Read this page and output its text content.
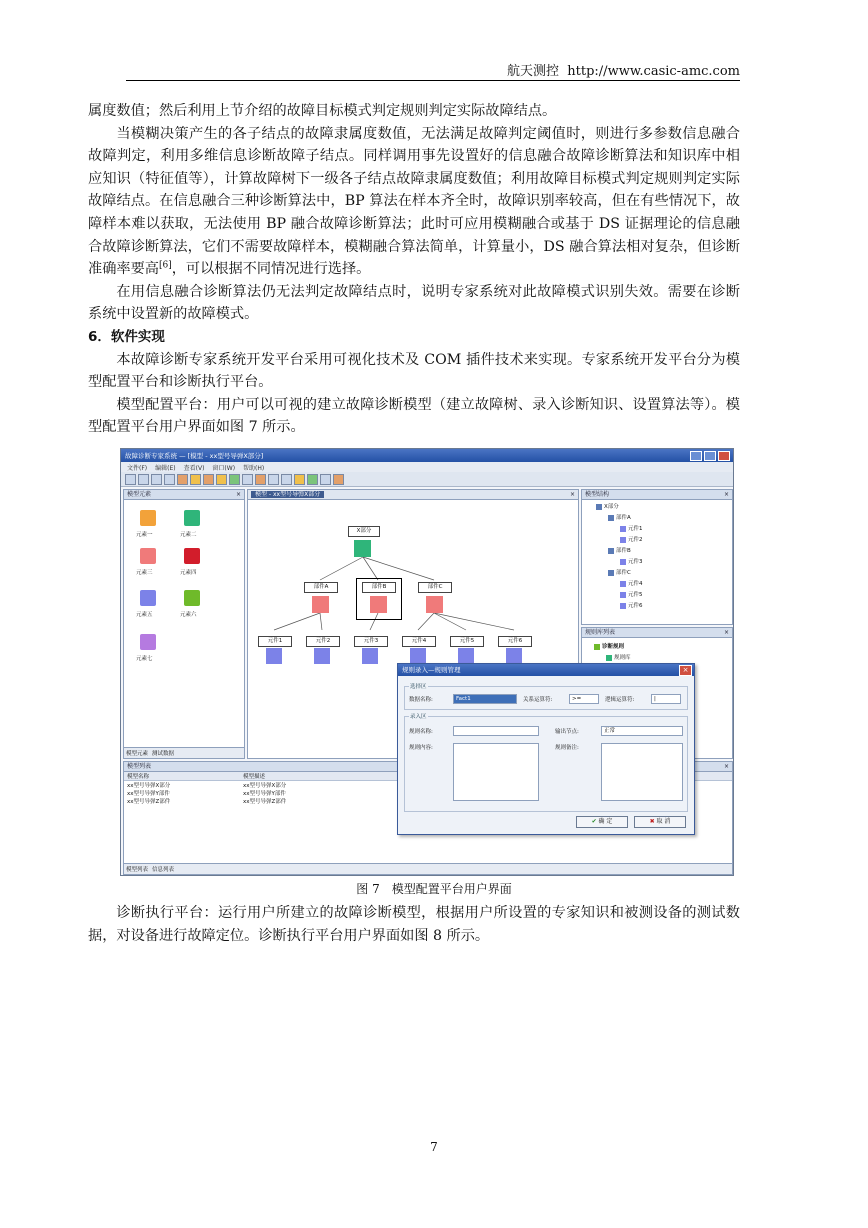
航天测控 http://www.casic-amc.com

属度数值；然后利用上节介绍的故障目标模式判定规则判定实际故障结点。

当模糊决策产生的各子结点的故障隶属度数值，无法满足故障判定阈值时，则进行多参数信息融合故障判定，利用多维信息诊断故障子结点。同样调用事先设置好的信息融合故障诊断算法和知识库中相应知识（特征值等），计算故障树下一级各子结点故障隶属度数值；利用故障目标模式判定规则判定实际故障结点。在信息融合三种诊断算法中，BP 算法在样本齐全时，故障识别率较高，但在有些情况下，故障样本难以获取，无法使用 BP 融合故障诊断算法；此时可应用模糊融合或基于 DS 证据理论的信息融合故障诊断算法，它们不需要故障样本，模糊融合算法简单，计算量小，DS 融合算法相对复杂，但诊断准确率要高[6]，可以根据不同情况进行选择。

在用信息融合诊断算法仍无法判定故障结点时，说明专家系统对此故障模式识别失效。需要在诊断系统中设置新的故障模式。

6．软件实现

本故障诊断专家系统开发平台采用可视化技术及 COM 插件技术来实现。专家系统开发平台分为模型配置平台和诊断执行平台。

模型配置平台：用户可以可视的建立故障诊断模型（建立故障树、录入诊断知识、设置算法等）。模型配置平台用户界面如图 7 所示。

故障诊断专家系统 — [模型 - xx型号导弹X部分]
文件(F) 编辑(E) 查看(V) 窗口(W) 帮助(H)
模型元素	×
元素一	元素二
元素三	元素四
元素五	元素六
元素七
模型元素 测试数据
模型 - xx型号导弹X部分	×
X部分
部件A	部件B	部件C
元件1	元件2	元件3	元件4	元件5	元件6
模型结构	×
X部分
部件A
元件1
元件2
部件B
元件3
部件C
元件4
元件5
元件6
规则库列表	×
诊断规则
规则库
模型列表	×
模型名称	模型描述	
xx型号导弹X部分	xx型号导弹X部分	
xx型号导弹Y部件	xx型号导弹Y部件	
xx型号导弹Z部件	xx型号导弹Z部件	
模型列表 信息列表
规则录入—规则管理	×
选择区
数据名称:	Fact1	关系运算符:	>=	逻辑运算符:	|
录入区
规则名称:	输出节点:	正常
规则内容:	规则备注:
✔ 确 定	✖ 取 消
图 7　模型配置平台用户界面

诊断执行平台：运行用户所建立的故障诊断模型，根据用户所设置的专家知识和被测设备的测试数据，对设备进行故障定位。诊断执行平台用户界面如图 8 所示。

7
